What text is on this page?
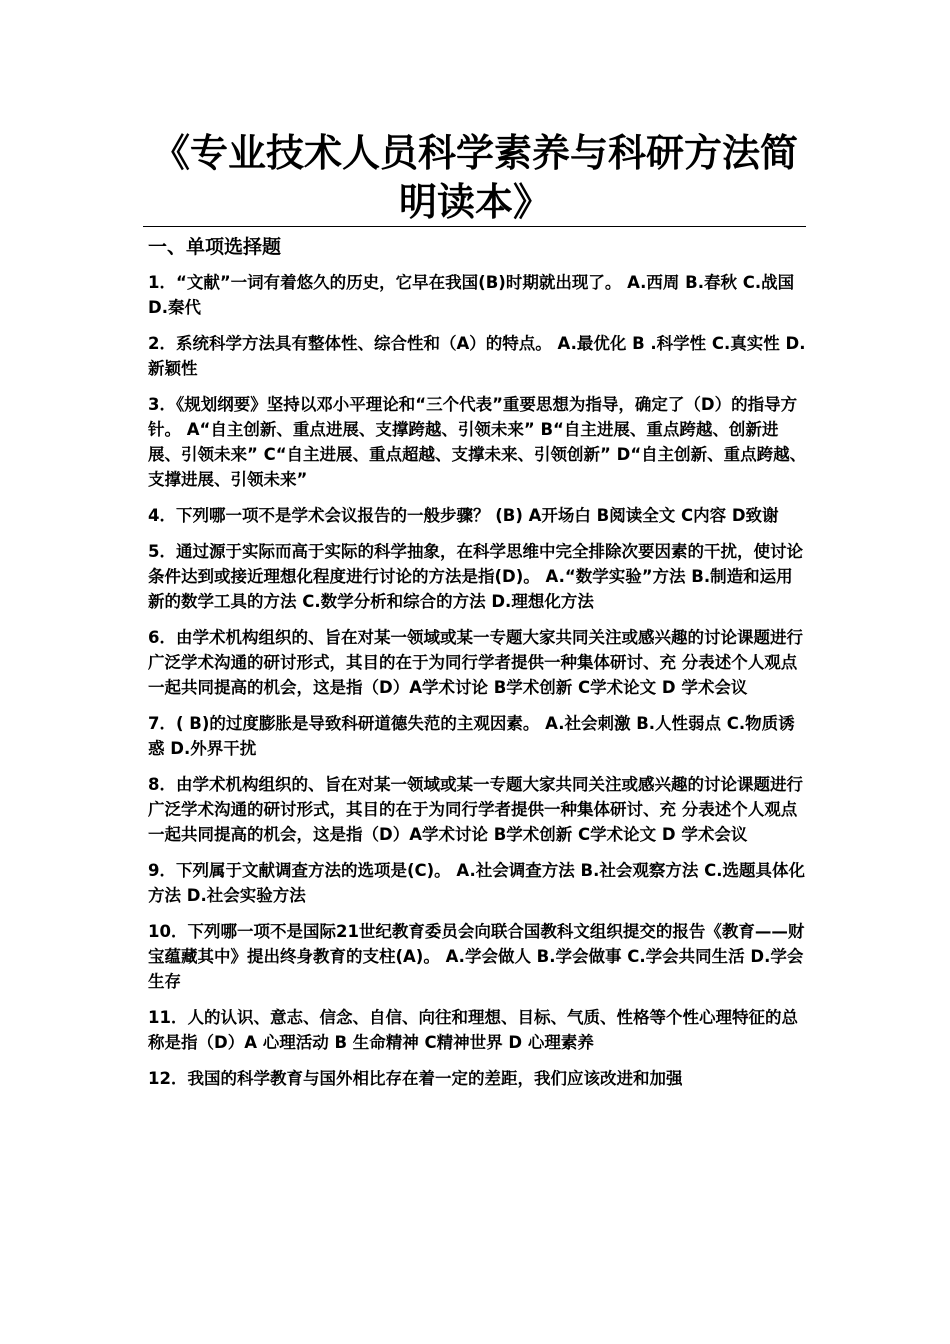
《专业技术人员科学素养与科研方法简明读本》
一、单项选择题

1．“文献”一词有着悠久的历史，它早在我国(B)时期就出现了。 A.西周 B.春秋 C.战国 D.秦代

2．系统科学方法具有整体性、综合性和（A）的特点。 A.最优化 B .科学性 C.真实性 D.新颖性

3．《规划纲要》坚持以邓小平理论和“三个代表”重要思想为指导，确定了（D）的指导方针。 A“自主创新、重点进展、支撑跨越、引领未来” B“自主进展、重点跨越、创新进展、引领未来” C“自主进展、重点超越、支撑未来、引领创新” D“自主创新、重点跨越、支撑进展、引领未来”

4．下列哪一项不是学术会议报告的一般步骤？ (B) A开场白 B阅读全文 C内容 D致谢

5．通过源于实际而高于实际的科学抽象，在科学思维中完全排除次要因素的干扰，使讨论条件达到或接近理想化程度进行讨论的方法是指(D)。 A.“数学实验”方法 B.制造和运用新的数学工具的方法 C.数学分析和综合的方法 D.理想化方法

6．由学术机构组织的、旨在对某一领域或某一专题大家共同关注或感兴趣的讨论课题进行广泛学术沟通的研讨形式，其目的在于为同行学者提供一种集体研讨、充 分表述个人观点一起共同提高的机会，这是指（D）A学术讨论 B学术创新 C学术论文 D 学术会议

7．( B)的过度膨胀是导致科研道德失范的主观因素。 A.社会刺激 B.人性弱点 C.物质诱惑 D.外界干扰

8．由学术机构组织的、旨在对某一领域或某一专题大家共同关注或感兴趣的讨论课题进行广泛学术沟通的研讨形式，其目的在于为同行学者提供一种集体研讨、充 分表述个人观点一起共同提高的机会，这是指（D）A学术讨论 B学术创新 C学术论文 D 学术会议

9．下列属于文献调查方法的选项是(C)。 A.社会调查方法 B.社会观察方法 C.选题具体化方法 D.社会实验方法

10．下列哪一项不是国际21世纪教育委员会向联合国教科文组织提交的报告《教育——财宝蕴藏其中》提出终身教育的支柱(A)。 A.学会做人 B.学会做事 C.学会共同生活 D.学会生存

11．人的认识、意志、信念、自信、向往和理想、目标、气质、性格等个性心理特征的总称是指（D）A 心理活动 B 生命精神 C精神世界 D 心理素养

12．我国的科学教育与国外相比存在着一定的差距，我们应该改进和加强
